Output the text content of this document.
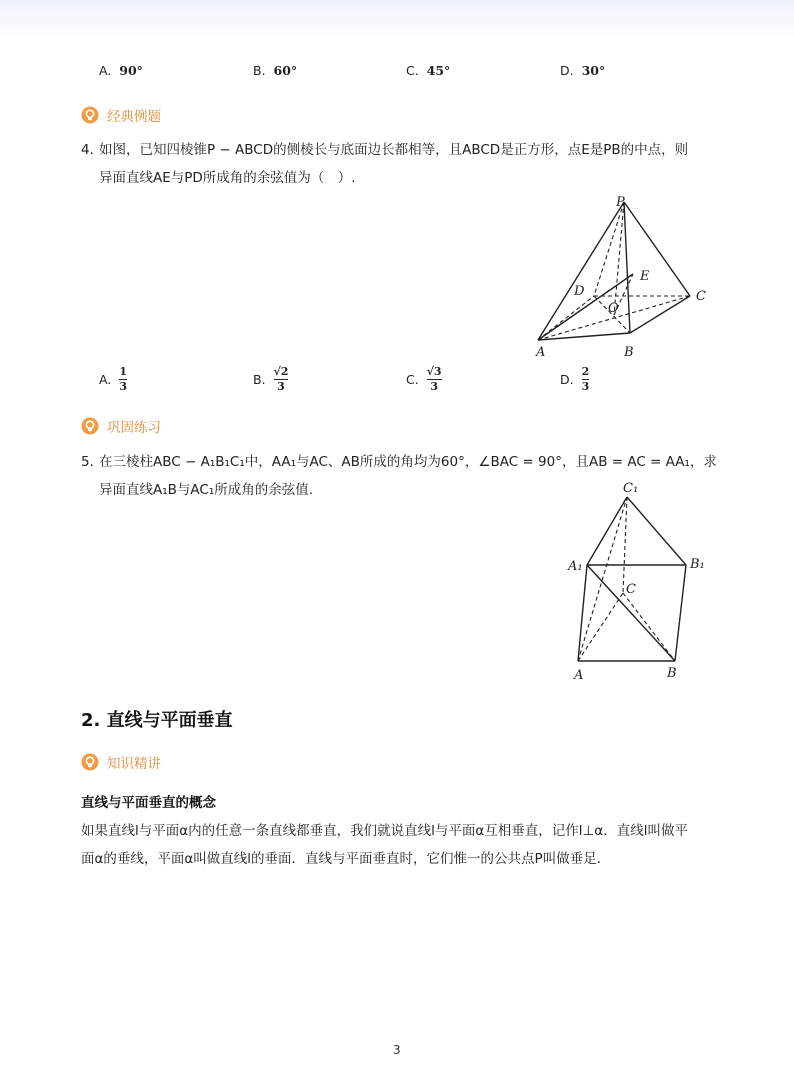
A. 90°	B. 60°	C. 45°	D. 30°
经典例题
4. 如图，已知四棱锥P − ABCD的侧棱长与底面边长都相等，且ABCD是正方形，点E是PB的中点，则
异面直线AE与PD所成角的余弦值为（　）.
P
D
O
E
C
A	B
A. $\frac{1}{3}$	B. $\frac{√2}{3}$	C. $\frac{√3}{3}$	D. $\frac{2}{3}$
巩固练习
5. 在三棱柱ABC − A₁B₁C₁中，AA₁与AC、AB所成的角均为60°，∠BAC = 90°，且AB = AC = AA₁，求
异面直线A₁B与AC₁所成角的余弦值.	C₁
A₁	B₁
C
A	B
2. 直线与平面垂直
知识精讲
直线与平面垂直的概念
如果直线l与平面α内的任意一条直线都垂直，我们就说直线l与平面α互相垂直，记作l⊥α．直线l叫做平
面α的垂线，平面α叫做直线l的垂面．直线与平面垂直时，它们惟一的公共点P叫做垂足．
3
